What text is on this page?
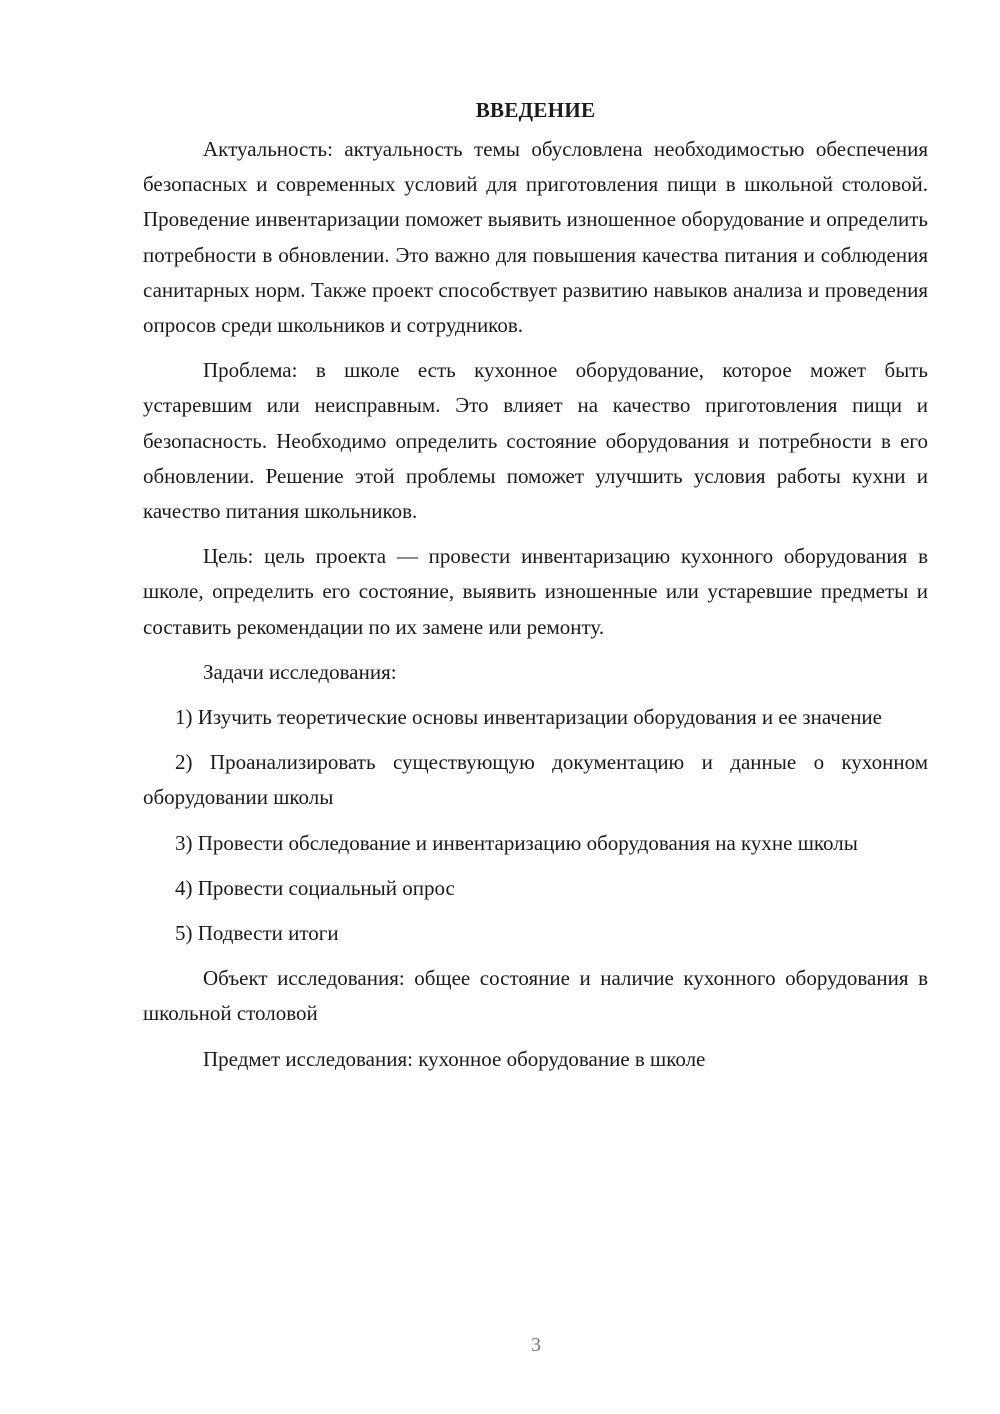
ВВЕДЕНИЕ

Актуальность: актуальность темы обусловлена необходимостью обеспечения безопасных и современных условий для приготовления пищи в школьной столовой. Проведение инвентаризации поможет выявить изношенное оборудование и определить потребности в обновлении. Это важно для повышения качества питания и соблюдения санитарных норм. Также проект способствует развитию навыков анализа и проведения опросов среди школьников и сотрудников.

Проблема: в школе есть кухонное оборудование, которое может быть устаревшим или неисправным. Это влияет на качество приготовления пищи и безопасность. Необходимо определить состояние оборудования и потребности в его обновлении. Решение этой проблемы поможет улучшить условия работы кухни и качество питания школьников.

Цель: цель проекта — провести инвентаризацию кухонного оборудования в школе, определить его состояние, выявить изношенные или устаревшие предметы и составить рекомендации по их замене или ремонту.

Задачи исследования:

1) Изучить теоретические основы инвентаризации оборудования и ее значение

2) Проанализировать существующую документацию и данные о кухонном оборудовании школы

3) Провести обследование и инвентаризацию оборудования на кухне школы

4) Провести социальный опрос

5) Подвести итоги

Объект исследования: общее состояние и наличие кухонного оборудования в школьной столовой

Предмет исследования: кухонное оборудование в школе

3
